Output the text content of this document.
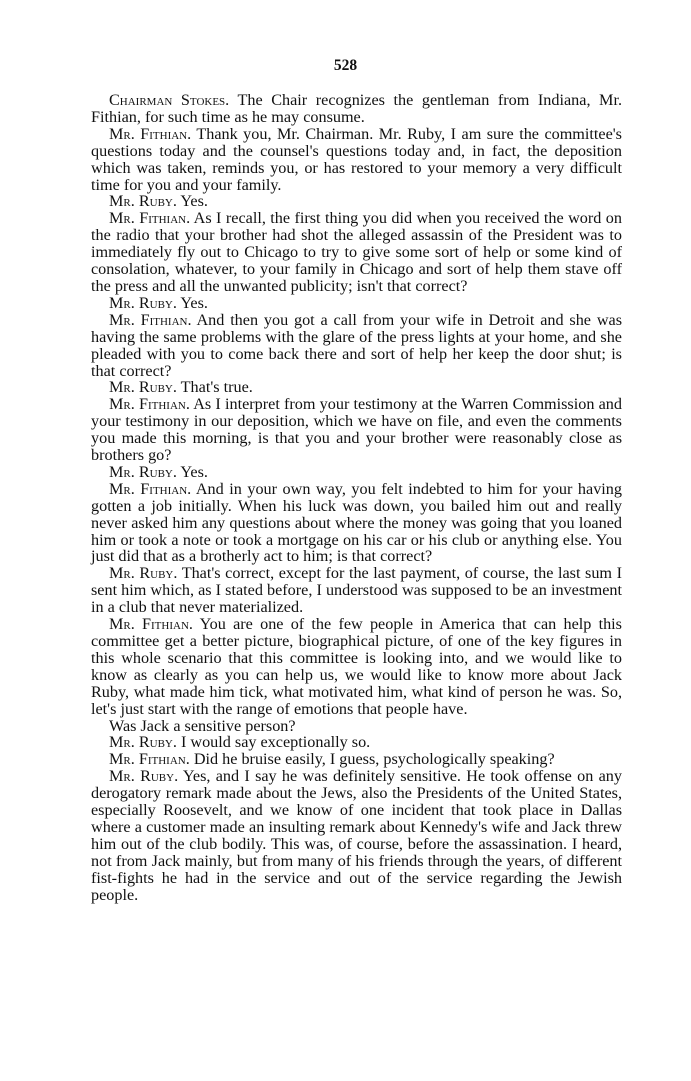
528

Chairman Stokes. The Chair recognizes the gentleman from Indiana, Mr. Fithian, for such time as he may consume.

Mr. Fithian. Thank you, Mr. Chairman. Mr. Ruby, I am sure the committee's questions today and the counsel's questions today and, in fact, the deposition which was taken, reminds you, or has restored to your memory a very difficult time for you and your family.

Mr. Ruby. Yes.

Mr. Fithian. As I recall, the first thing you did when you received the word on the radio that your brother had shot the alleged assassin of the President was to immediately fly out to Chicago to try to give some sort of help or some kind of consolation, whatever, to your family in Chicago and sort of help them stave off the press and all the unwanted publicity; isn't that correct?

Mr. Ruby. Yes.

Mr. Fithian. And then you got a call from your wife in Detroit and she was having the same problems with the glare of the press lights at your home, and she pleaded with you to come back there and sort of help her keep the door shut; is that correct?

Mr. Ruby. That's true.

Mr. Fithian. As I interpret from your testimony at the Warren Commission and your testimony in our deposition, which we have on file, and even the comments you made this morning, is that you and your brother were reasonably close as brothers go?

Mr. Ruby. Yes.

Mr. Fithian. And in your own way, you felt indebted to him for your having gotten a job initially. When his luck was down, you bailed him out and really never asked him any questions about where the money was going that you loaned him or took a note or took a mortgage on his car or his club or anything else. You just did that as a brotherly act to him; is that correct?

Mr. Ruby. That's correct, except for the last payment, of course, the last sum I sent him which, as I stated before, I understood was supposed to be an investment in a club that never materialized.

Mr. Fithian. You are one of the few people in America that can help this committee get a better picture, biographical picture, of one of the key figures in this whole scenario that this committee is looking into, and we would like to know as clearly as you can help us, we would like to know more about Jack Ruby, what made him tick, what motivated him, what kind of person he was. So, let's just start with the range of emotions that people have.

Was Jack a sensitive person?

Mr. Ruby. I would say exceptionally so.

Mr. Fithian. Did he bruise easily, I guess, psychologically speaking?

Mr. Ruby. Yes, and I say he was definitely sensitive. He took offense on any derogatory remark made about the Jews, also the Presidents of the United States, especially Roosevelt, and we know of one incident that took place in Dallas where a customer made an insulting remark about Kennedy's wife and Jack threw him out of the club bodily. This was, of course, before the assassination. I heard, not from Jack mainly, but from many of his friends through the years, of different fist-fights he had in the service and out of the service regarding the Jewish people.
